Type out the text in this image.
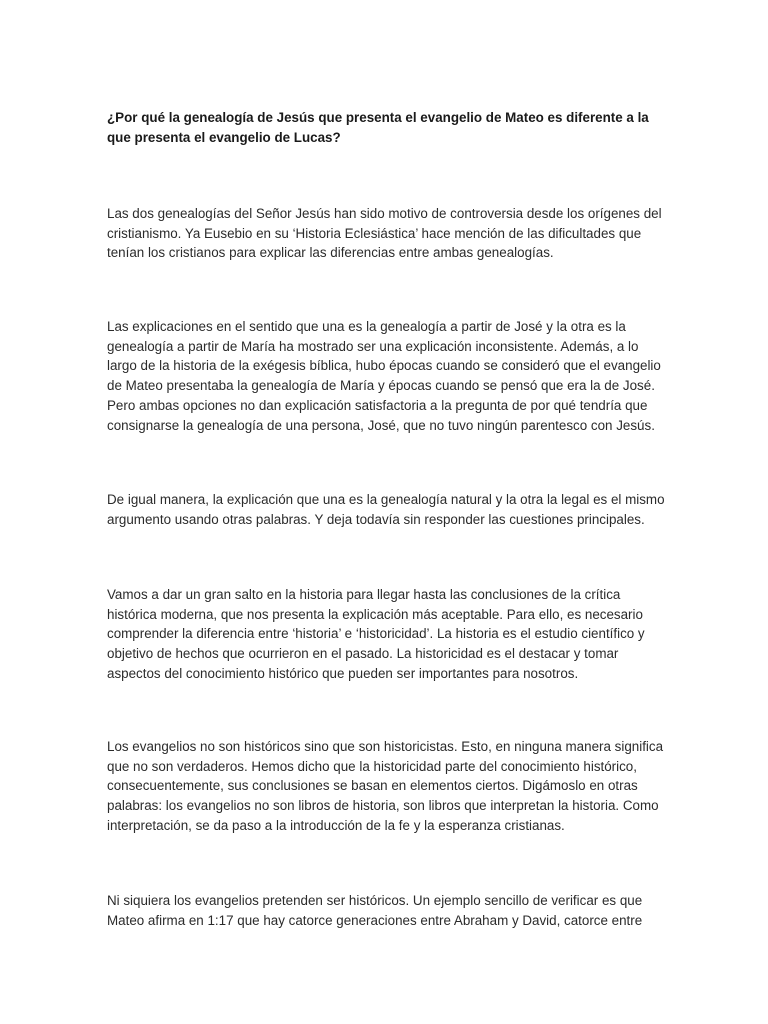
¿Por qué la genealogía de Jesús que presenta el evangelio de Mateo es diferente a la que presenta el evangelio de Lucas?

Las dos genealogías del Señor Jesús han sido motivo de controversia desde los orígenes del cristianismo. Ya Eusebio en su ‘Historia Eclesiástica’ hace mención de las dificultades que tenían los cristianos para explicar las diferencias entre ambas genealogías.

Las explicaciones en el sentido que una es la genealogía a partir de José y la otra es la genealogía a partir de María ha mostrado ser una explicación inconsistente. Además, a lo largo de la historia de la exégesis bíblica, hubo épocas cuando se consideró que el evangelio de Mateo presentaba la genealogía de María y épocas cuando se pensó que era la de José. Pero ambas opciones no dan explicación satisfactoria a la pregunta de por qué tendría que consignarse la genealogía de una persona, José, que no tuvo ningún parentesco con Jesús.

De igual manera, la explicación que una es la genealogía natural y la otra la legal es el mismo argumento usando otras palabras. Y deja todavía sin responder las cuestiones principales.

Vamos a dar un gran salto en la historia para llegar hasta las conclusiones de la crítica histórica moderna, que nos presenta la explicación más aceptable. Para ello, es necesario comprender la diferencia entre ‘historia’ e ‘historicidad’. La historia es el estudio científico y objetivo de hechos que ocurrieron en el pasado. La historicidad es el destacar y tomar aspectos del conocimiento histórico que pueden ser importantes para nosotros.

Los evangelios no son históricos sino que son historicistas. Esto, en ninguna manera significa que no son verdaderos. Hemos dicho que la historicidad parte del conocimiento histórico, consecuentemente, sus conclusiones se basan en elementos ciertos. Digámoslo en otras palabras: los evangelios no son libros de historia, son libros que interpretan la historia. Como interpretación, se da paso a la introducción de la fe y la esperanza cristianas.

Ni siquiera los evangelios pretenden ser históricos. Un ejemplo sencillo de verificar es que Mateo afirma en 1:17 que hay catorce generaciones entre Abraham y David, catorce entre
